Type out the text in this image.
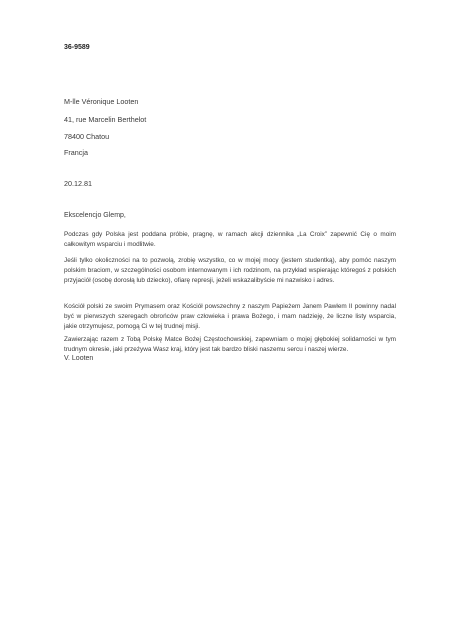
36-9589
M-lle Véronique Looten
41, rue Marcelin Berthelot
78400 Chatou
Francja
20.12.81
Ekscelencjo Glemp,
Podczas gdy Polska jest poddana próbie, pragnę, w ramach akcji dziennika „La Croix” zapewnić Cię o moim całkowitym wsparciu i modlitwie.
Jeśli tylko okoliczności na to pozwolą, zrobię wszystko, co w mojej mocy (jestem studentką), aby pomóc naszym polskim braciom, w szczególności osobom internowanym i ich rodzinom, na przykład wspierając któregoś z polskich przyjaciół (osobę dorosłą lub dziecko), ofiarę represji, jeżeli wskazalibyście mi nazwisko i adres.
Kościół polski ze swoim Prymasem oraz Kościół powszechny z naszym Papieżem Janem Pawłem II powinny nadal być w pierwszych szeregach obrońców praw człowieka i prawa Bożego, i mam nadzieję, że liczne listy wsparcia, jakie otrzymujesz, pomogą Ci w tej trudnej misji.
Zawierzając razem z Tobą Polskę Matce Bożej Częstochowskiej, zapewniam o mojej głębokiej solidarności w tym trudnym okresie, jaki przeżywa Wasz kraj, który jest tak bardzo bliski naszemu sercu i naszej wierze.
V. Looten
